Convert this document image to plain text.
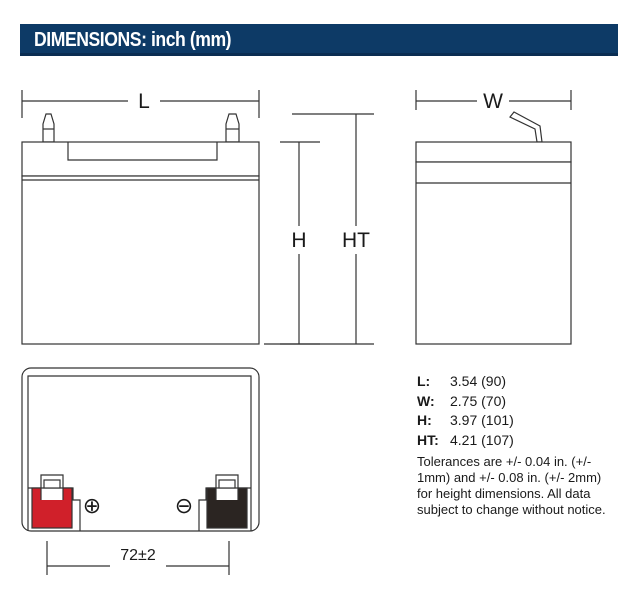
DIMENSIONS: inch (mm)
L
H HT
W
⊕	⊖
72±2
L: 3.54 (90)
W: 2.75 (70)
H: 3.97 (101)
HT: 4.21 (107)
Tolerances are +/- 0.04 in. (+/- 1mm) and +/- 0.08 in. (+/- 2mm) for height dimensions. All data subject to change without notice.
